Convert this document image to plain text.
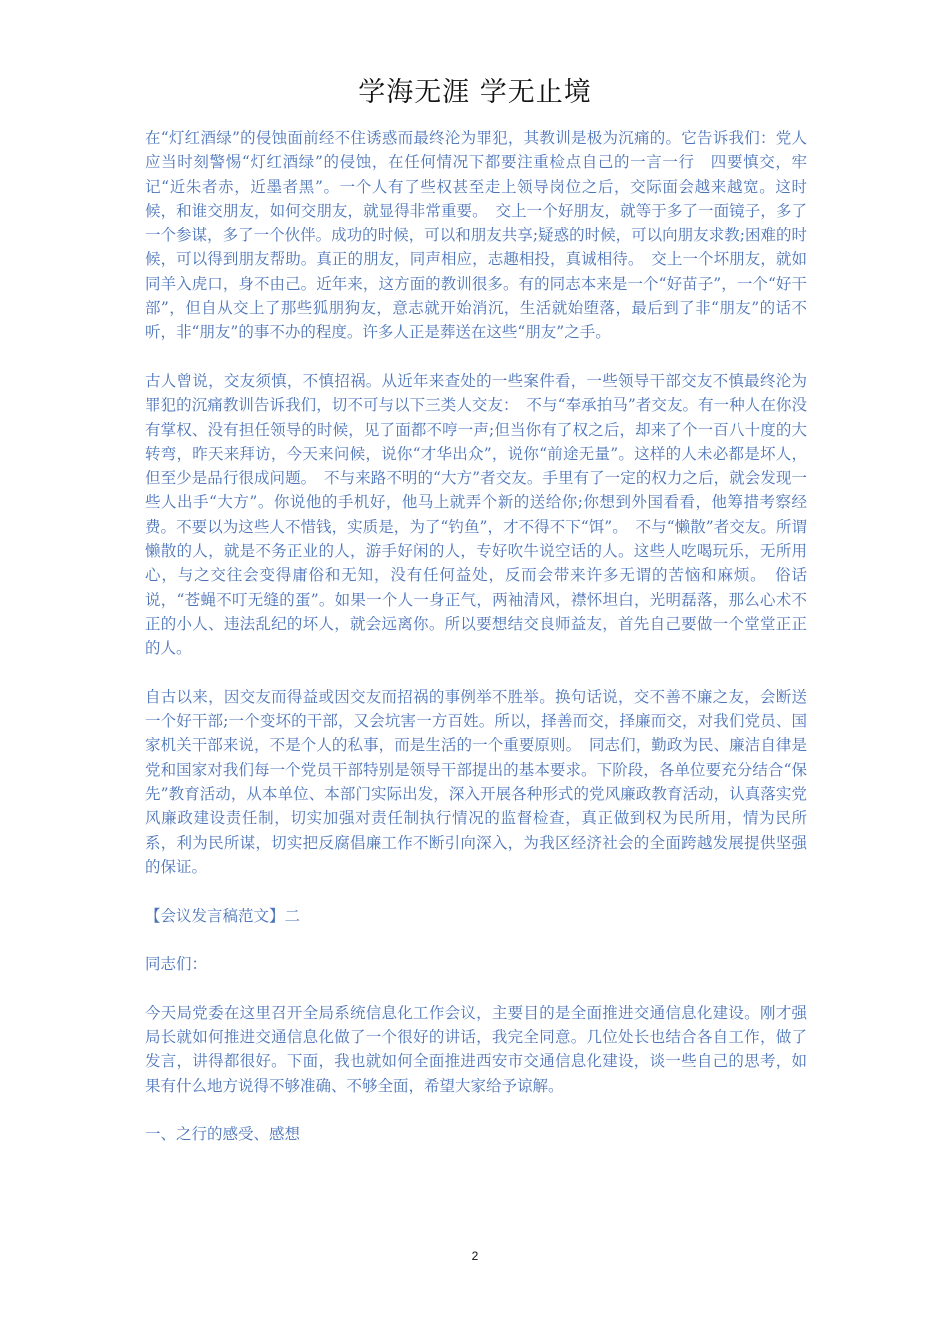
学海无涯 学无止境

在“灯红酒绿”的侵蚀面前经不住诱惑而最终沦为罪犯，其教训是极为沉痛的。它告诉我们：党人应当时刻警惕“灯红酒绿”的侵蚀，在任何情况下都要注重检点自己的一言一行　四要慎交，牢记“近朱者赤，近墨者黑”。一个人有了些权甚至走上领导岗位之后，交际面会越来越宽。这时候，和谁交朋友，如何交朋友，就显得非常重要。　交上一个好朋友，就等于多了一面镜子，多了一个参谋，多了一个伙伴。成功的时候，可以和朋友共享;疑惑的时候，可以向朋友求教;困难的时候，可以得到朋友帮助。真正的朋友，同声相应，志趣相投，真诚相待。　交上一个坏朋友，就如同羊入虎口，身不由己。近年来，这方面的教训很多。有的同志本来是一个“好苗子”，一个“好干部”，但自从交上了那些狐朋狗友，意志就开始消沉，生活就始堕落，最后到了非“朋友”的话不听，非“朋友”的事不办的程度。许多人正是葬送在这些“朋友”之手。

古人曾说，交友须慎，不慎招祸。从近年来查处的一些案件看，一些领导干部交友不慎最终沦为罪犯的沉痛教训告诉我们，切不可与以下三类人交友：　不与“奉承拍马”者交友。有一种人在你没有掌权、没有担任领导的时候，见了面都不哼一声;但当你有了权之后，却来了个一百八十度的大转弯，昨天来拜访，今天来问候，说你“才华出众”，说你“前途无量”。这样的人未必都是坏人，但至少是品行很成问题。　不与来路不明的“大方”者交友。手里有了一定的权力之后，就会发现一些人出手“大方”。你说他的手机好，他马上就弄个新的送给你;你想到外国看看，他筹措考察经费。不要以为这些人不惜钱，实质是，为了“钓鱼”，才不得不下“饵”。　不与“懒散”者交友。所谓懒散的人，就是不务正业的人，游手好闲的人，专好吹牛说空话的人。这些人吃喝玩乐，无所用心，与之交往会变得庸俗和无知，没有任何益处，反而会带来许多无谓的苦恼和麻烦。　俗话说，“苍蝇不叮无缝的蛋”。如果一个人一身正气，两袖清风，襟怀坦白，光明磊落，那么心术不正的小人、违法乱纪的坏人，就会远离你。所以要想结交良师益友，首先自己要做一个堂堂正正的人。

自古以来，因交友而得益或因交友而招祸的事例举不胜举。换句话说，交不善不廉之友，会断送一个好干部;一个变坏的干部，又会坑害一方百姓。所以，择善而交，择廉而交，对我们党员、国家机关干部来说，不是个人的私事，而是生活的一个重要原则。　同志们，勤政为民、廉洁自律是党和国家对我们每一个党员干部特别是领导干部提出的基本要求。下阶段，各单位要充分结合“保先”教育活动，从本单位、本部门实际出发，深入开展各种形式的党风廉政教育活动，认真落实党风廉政建设责任制，切实加强对责任制执行情况的监督检查，真正做到权为民所用，情为民所系，利为民所谋，切实把反腐倡廉工作不断引向深入，为我区经济社会的全面跨越发展提供坚强的保证。

【会议发言稿范文】二

同志们：

今天局党委在这里召开全局系统信息化工作会议，主要目的是全面推进交通信息化建设。刚才强局长就如何推进交通信息化做了一个很好的讲话，我完全同意。几位处长也结合各自工作，做了发言，讲得都很好。下面，我也就如何全面推进西安市交通信息化建设，谈一些自己的思考，如果有什么地方说得不够准确、不够全面，希望大家给予谅解。

一、之行的感受、感想

2
